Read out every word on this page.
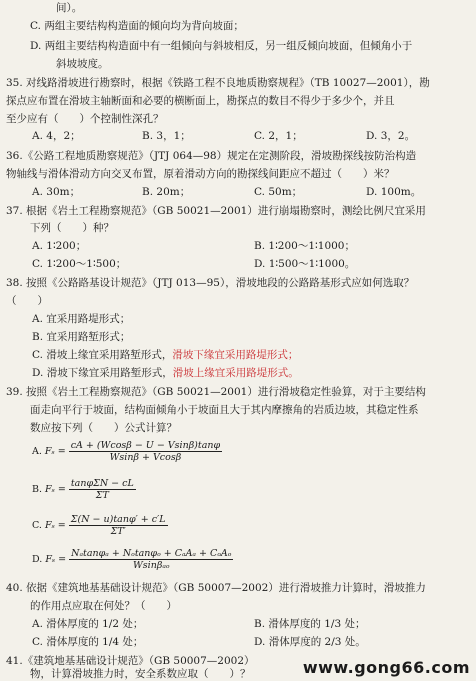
间）。
C. 两组主要结构构造面的倾向均为背向坡面；
D. 两组主要结构构造面中有一组倾向与斜坡相反，另一组反倾向坡面，但倾角小于
斜坡坡度。
35. 对线路滑坡进行勘察时，根据《铁路工程不良地质勘察规程》（TB 10027—2001），勘
探点应布置在滑坡主轴断面和必要的横断面上，勘探点的数目不得少于多少个，并且
至少应有（　　）个控制性深孔？
A. 4，2；	B. 3，1；	C. 2，1；	D. 3，2。
36.《公路工程地质勘察规范》（JTJ 064—98）规定在定测阶段，滑坡勘探线按防治构造
物轴线与滑体滑动方向交叉布置，原着滑动方向的勘探线间距应不超过（　　）米？
A. 30m；	B. 20m；	C. 50m；	D. 100m。
37. 根据《岩土工程勘察规范》（GB 50021—2001）进行崩塌勘察时，测绘比例尺宜采用
下列（　　）种？
A. 1∶200；	B. 1∶200～1∶1000；
C. 1∶200～1∶500；	D. 1∶500～1∶1000。
38. 按照《公路路基设计规范》（JTJ 013—95），滑坡地段的公路路基形式应如何选取？
（　　）
A. 宜采用路堤形式；
B. 宜采用路堑形式；
C. 滑坡上缘宜采用路堑形式，滑坡下缘宜采用路堤形式；
D. 滑坡下缘宜采用路堑形式，滑坡上缘宜采用路堤形式。
39. 按照《岩土工程勘察规范》（GB 50021—2001）进行滑坡稳定性验算，对于主要结构
面走向平行于坡面，结构面倾角小于坡面且大于其内摩擦角的岩质边坡，其稳定性系
数应按下列（　　）公式计算？
A. $F_s = \frac{cA + (Wcos\beta - U - Vsin\beta)\tan\varphi}{Wsin\beta + Vcos\beta}$
B. $F_s = \frac{\text{tanφΣN − cL}}{\Sigma T}$
C. $F_s = \frac{\Sigma(N - u)\tan\varphi' + c'L}{\Sigma T'}$
D. $F_s = \frac{\text{Nₐtanφₐ + Nₒtanφₒ + CₐAₐ + CₒAₒ}}{\text{Wsinβₐₒ}}$
40. 依据《建筑地基基础设计规范》（GB 50007—2002）进行滑坡推力计算时，滑坡推力
的作用点应取在何处？（　　）
A. 滑体厚度的 1/2 处；	B. 滑体厚度的 1/3 处；
C. 滑体厚度的 1/4 处；	D. 滑体厚度的 2/3 处。
41.《建筑地基基础设计规范》（GB 50007—2002）
物，计算滑坡推力时，安全系数应取（　　）？	www.gong66.com
